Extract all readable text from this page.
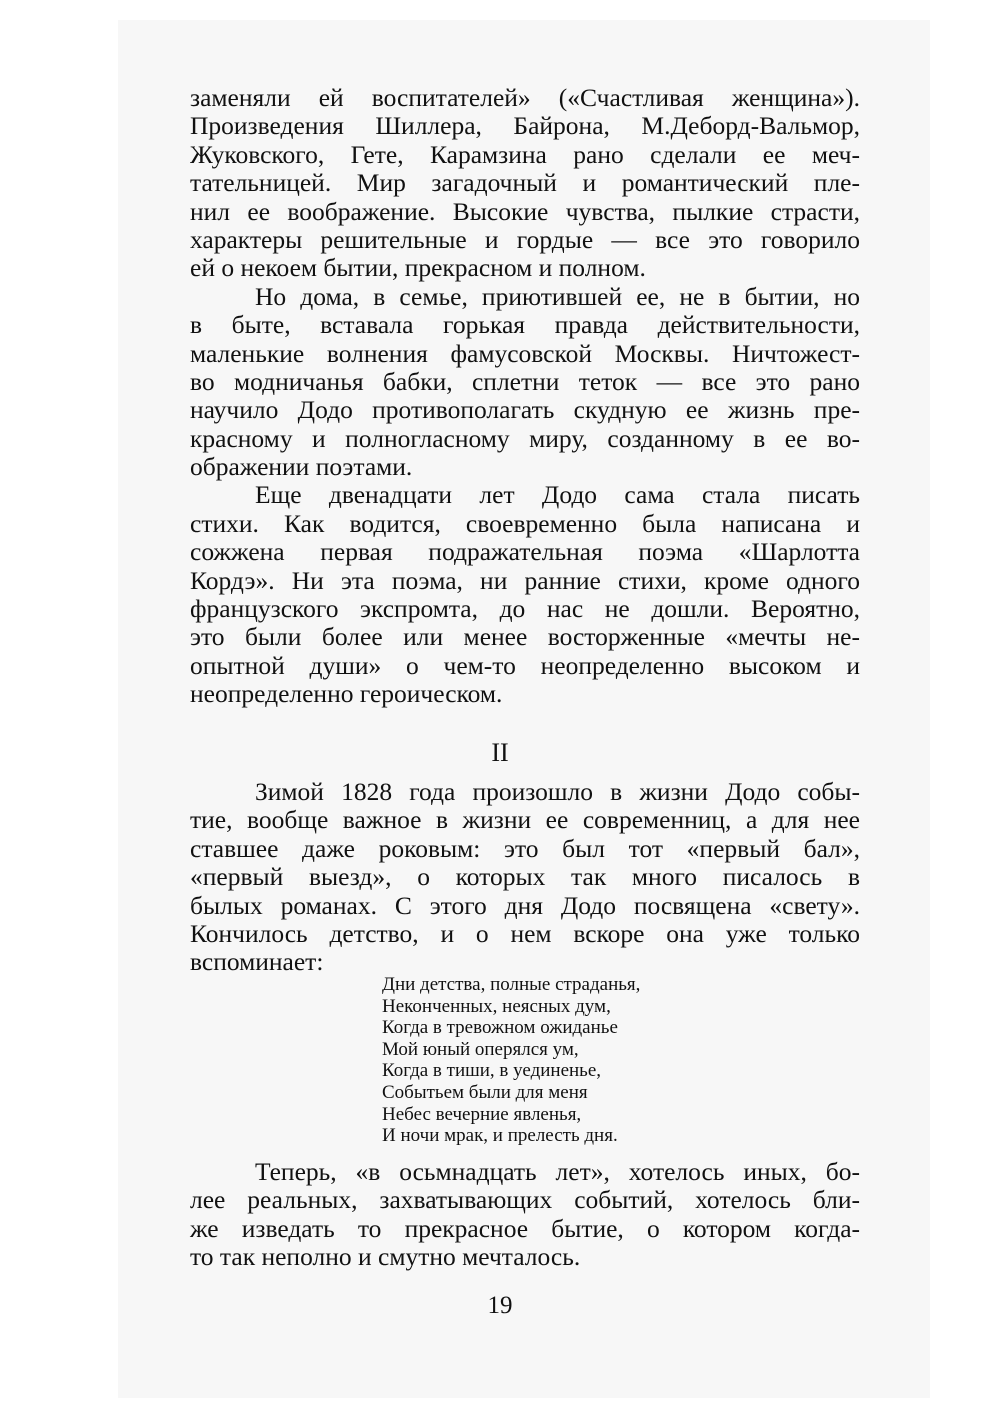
заменяли ей воспитателей» («Счастливая женщина»).
Произведения Шиллера, Байрона, М.Деборд-Вальмор,
Жуковского, Гете, Карамзина рано сделали ее меч-
тательницей. Мир загадочный и романтический пле-
нил ее воображение. Высокие чувства, пылкие страсти,
характеры решительные и гордые — все это говорило
ей о некоем бытии, прекрасном и полном.
Но дома, в семье, приютившей ее, не в бытии, но
в быте, вставала горькая правда действительности,
маленькие волнения фамусовской Москвы. Ничтожест-
во модничанья бабки, сплетни теток — все это рано
научило Додо противополагать скудную ее жизнь пре-
красному и полногласному миру, созданному в ее во-
ображении поэтами.
Еще двенадцати лет Додо сама стала писать
стихи. Как водится, своевременно была написана и
сожжена первая подражательная поэма «Шарлотта
Кордэ». Ни эта поэма, ни ранние стихи, кроме одного
французского экспромта, до нас не дошли. Вероятно,
это были более или менее восторженные «мечты не-
опытной души» о чем-то неопределенно высоком и
неопределенно героическом.
II
Зимой 1828 года произошло в жизни Додо собы-
тие, вообще важное в жизни ее современниц, а для нее
ставшее даже роковым: это был тот «первый бал»,
«первый выезд», о которых так много писалось в
былых романах. С этого дня Додо посвящена «свету».
Кончилось детство, и о нем вскоре она уже только
вспоминает:
Дни детства, полные страданья,
Неконченных, неясных дум,
Когда в тревожном ожиданье
Мой юный оперялся ум,
Когда в тиши, в уединенье,
Событьем были для меня
Небес вечерние явленья,
И ночи мрак, и прелесть дня.
Теперь, «в осьмнадцать лет», хотелось иных, бо-
лее реальных, захватывающих событий, хотелось бли-
же изведать то прекрасное бытие, о котором когда-
то так неполно и смутно мечталось.
19
